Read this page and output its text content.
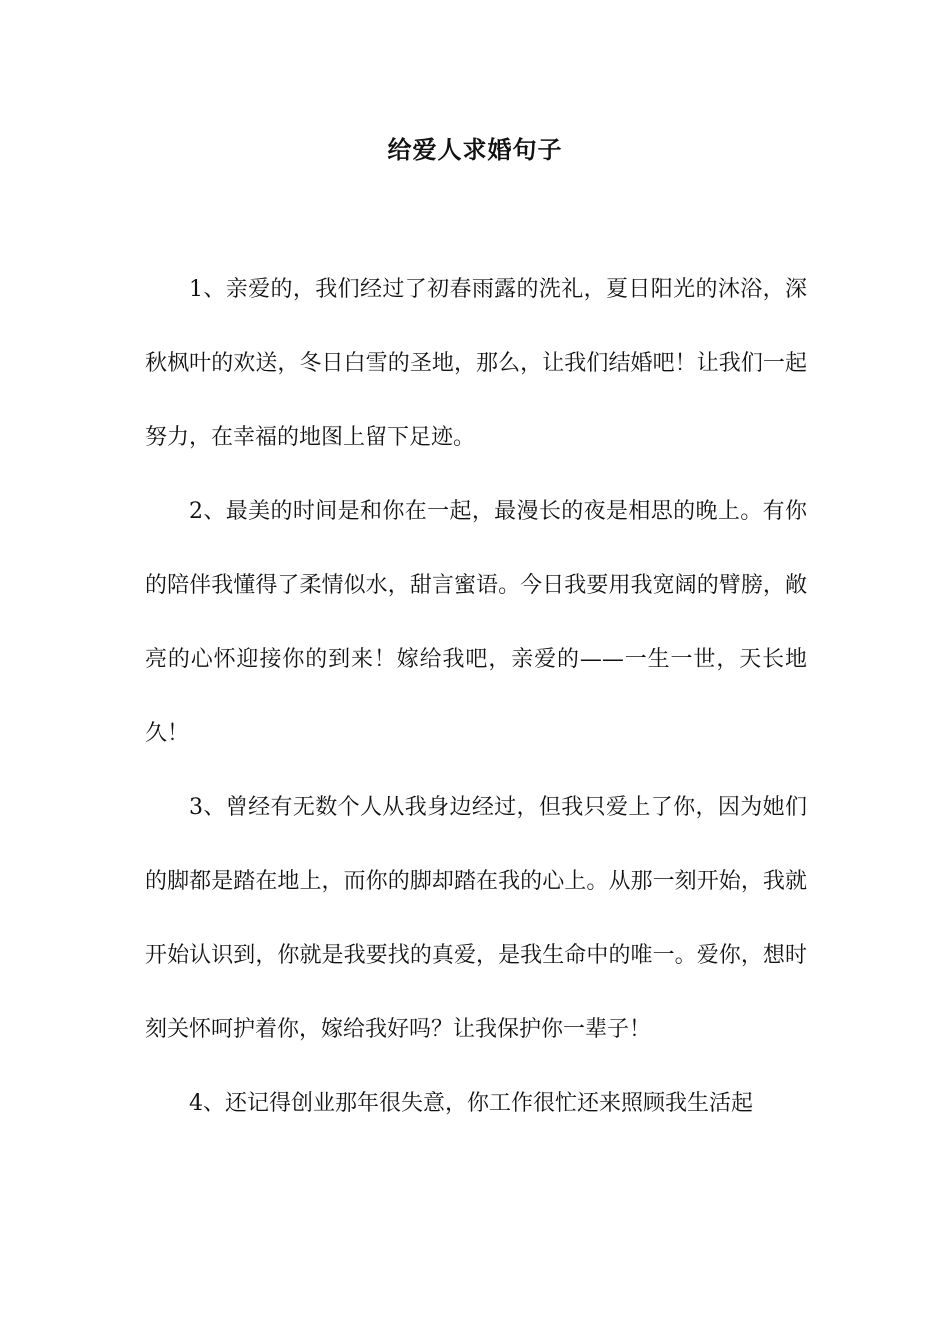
给爱人求婚句子

1、亲爱的，我们经过了初春雨露的洗礼，夏日阳光的沐浴，深秋枫叶的欢送，冬日白雪的圣地，那么，让我们结婚吧！让我们一起努力，在幸福的地图上留下足迹。

2、最美的时间是和你在一起，最漫长的夜是相思的晚上。有你的陪伴我懂得了柔情似水，甜言蜜语。今日我要用我宽阔的臂膀，敞亮的心怀迎接你的到来！嫁给我吧，亲爱的——一生一世，天长地久！

3、曾经有无数个人从我身边经过，但我只爱上了你，因为她们的脚都是踏在地上，而你的脚却踏在我的心上。从那一刻开始，我就开始认识到，你就是我要找的真爱，是我生命中的唯一。爱你，想时刻关怀呵护着你，嫁给我好吗？让我保护你一辈子！

4、还记得创业那年很失意，你工作很忙还来照顾我生活起
